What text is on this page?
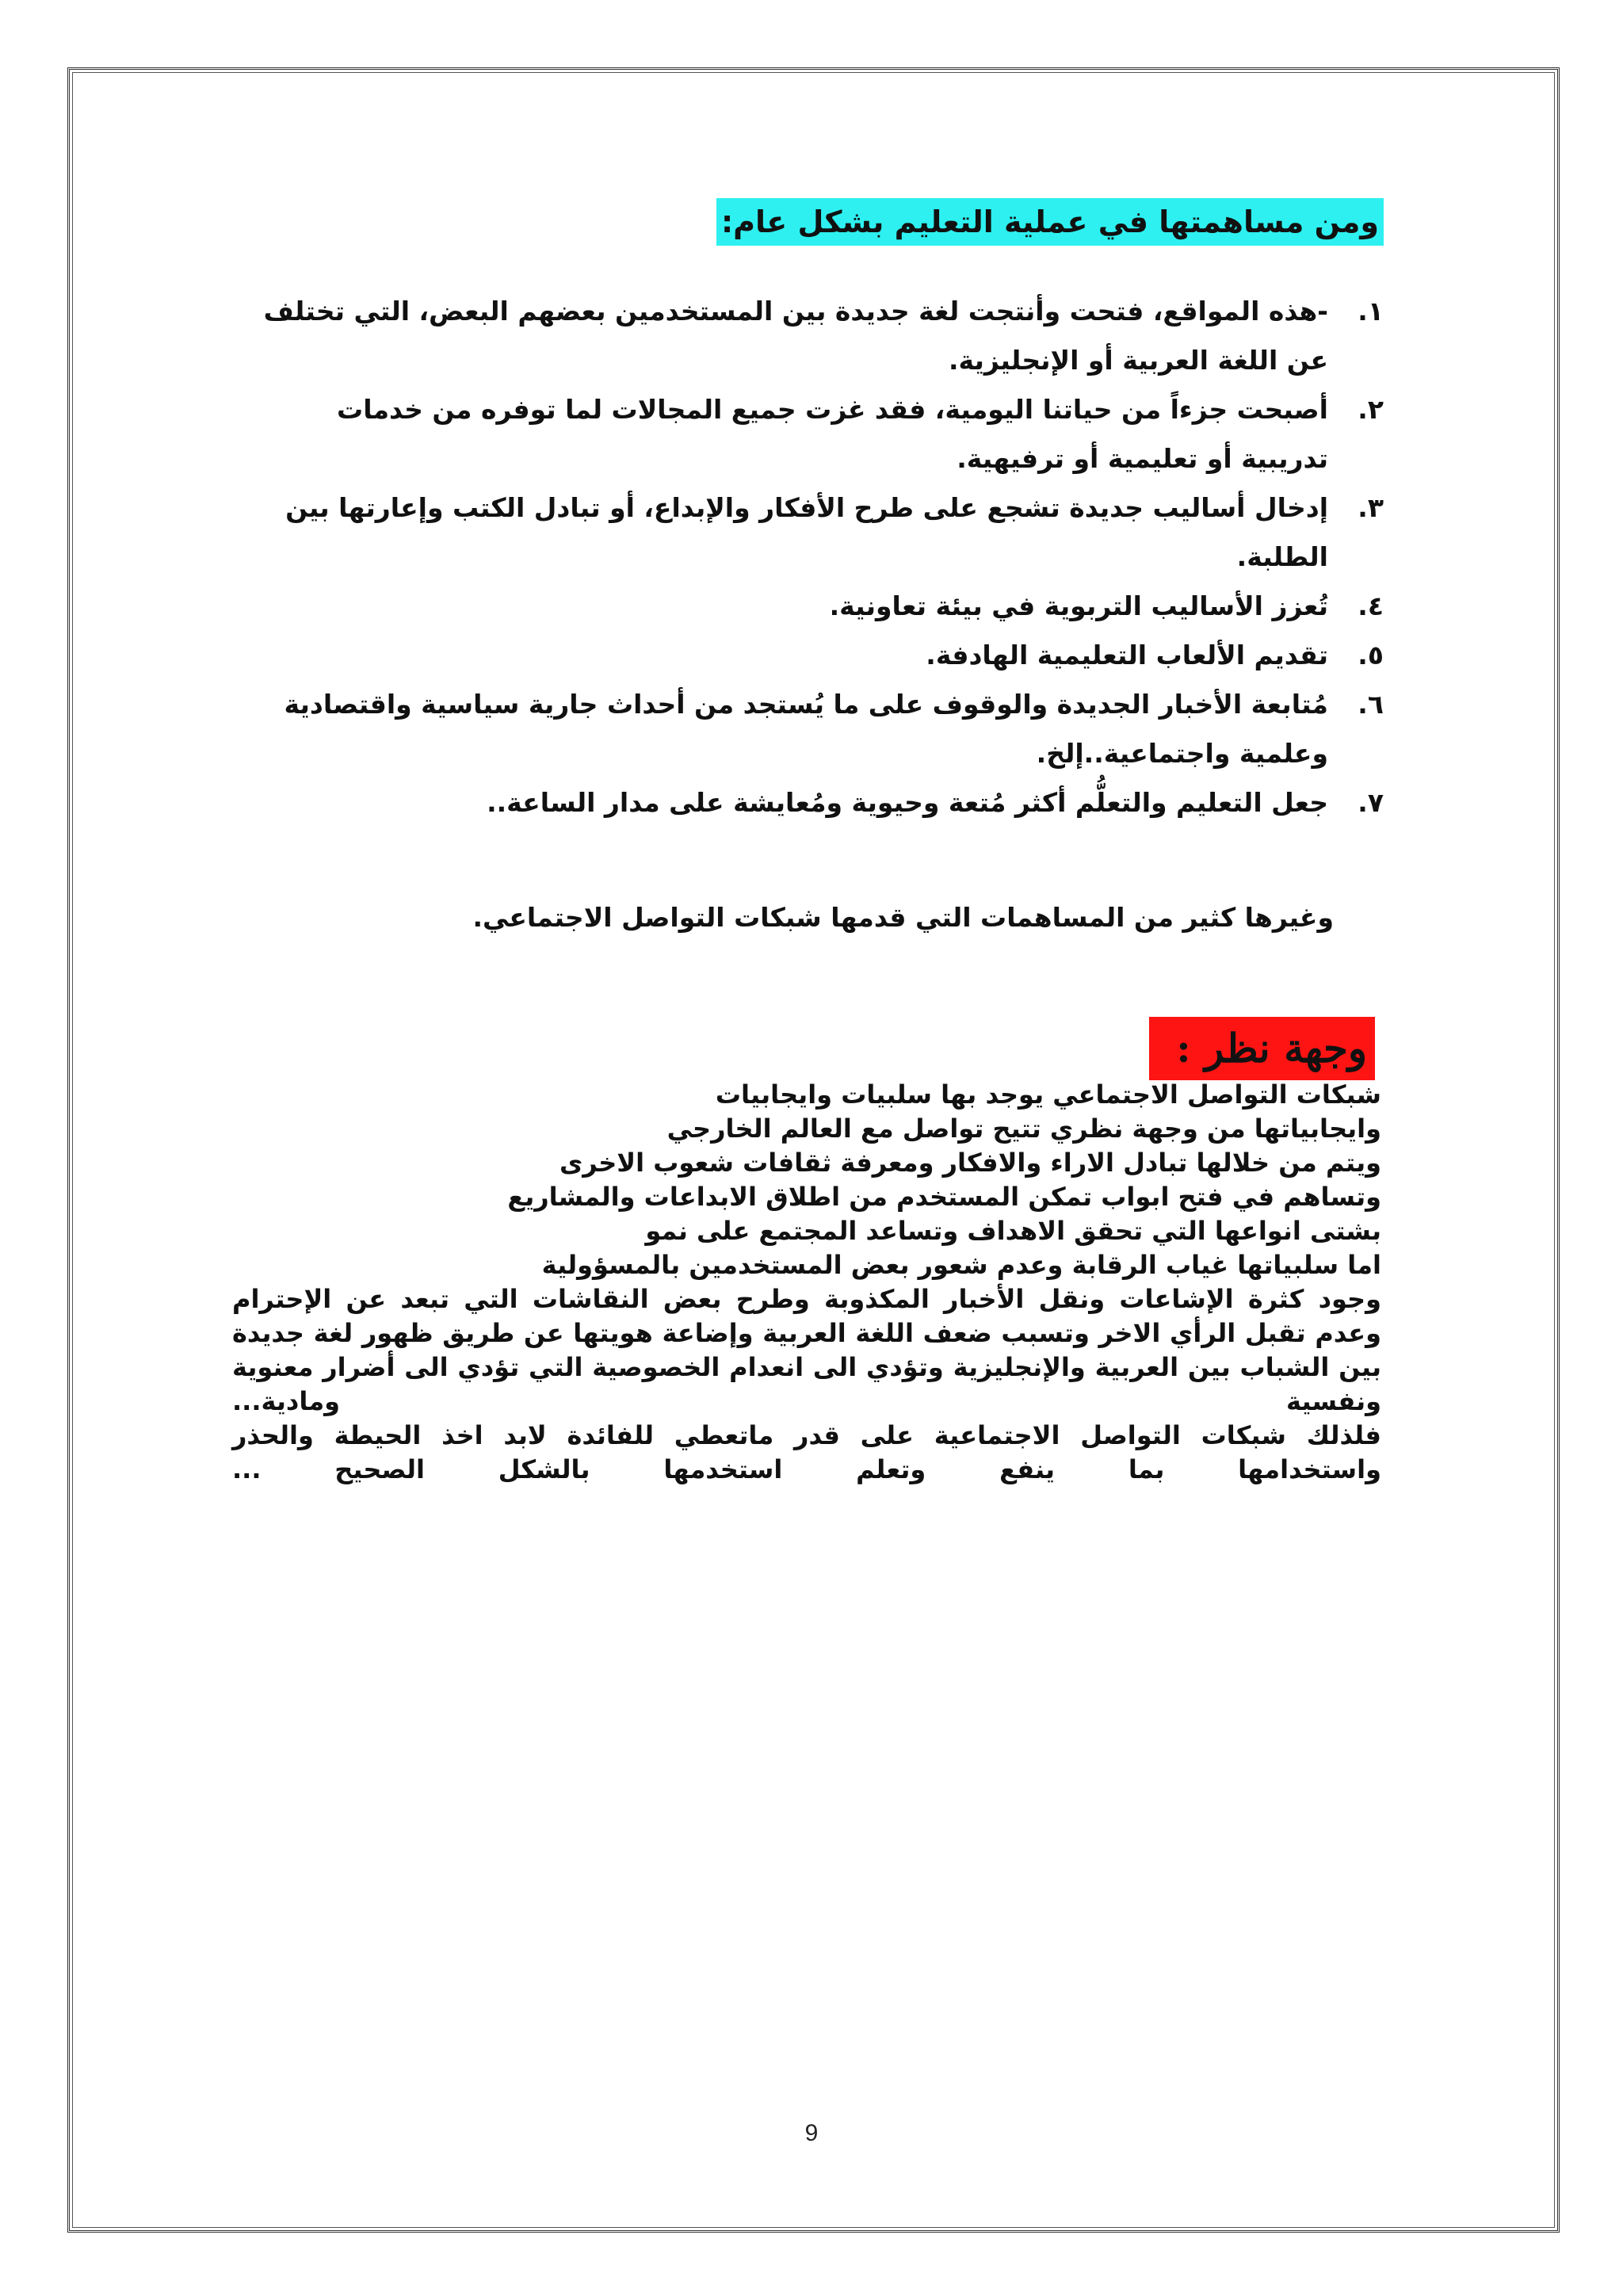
ومن مساهمتها في عملية التعليم بشكل عام:
١.
-هذه المواقع، فتحت وأنتجت لغة جديدة بين المستخدمين بعضهم البعض، التي تختلف عن اللغة العربية أو الإنجليزية.
٢.
أصبحت جزءاً من حياتنا اليومية، فقد غزت جميع المجالات لما توفره من خدمات تدريبية أو تعليمية أو ترفيهية.
٣.
إدخال أساليب جديدة تشجع على طرح الأفكار والإبداع، أو تبادل الكتب وإعارتها بين الطلبة.
٤.
تُعزز الأساليب التربوية في بيئة تعاونية.
٥.
تقديم الألعاب التعليمية الهادفة.
٦.
مُتابعة الأخبار الجديدة والوقوف على ما يُستجد من أحداث جارية سياسية واقتصادية وعلمية واجتماعية..إلخ.
٧.
جعل التعليم والتعلُّم أكثر مُتعة وحيوية ومُعايشة على مدار الساعة..
وغيرها كثير من المساهمات التي قدمها شبكات التواصل الاجتماعي.
وجهة نظر :
شبكات التواصل الاجتماعي يوجد بها سلبيات وايجابيات
وايجابياتها من وجهة نظري تتيح تواصل مع العالم الخارجي
ويتم من خلالها تبادل الاراء والافكار ومعرفة ثقافات شعوب الاخرى
وتساهم في فتح ابواب تمكن المستخدم من اطلاق الابداعات والمشاريع
بشتى انواعها التي تحقق الاهداف وتساعد المجتمع على نمو
اما سلبياتها غياب الرقابة وعدم شعور بعض المستخدمين بالمسؤولية
وجود كثرة الإشاعات ونقل الأخبار المكذوبة وطرح بعض النقاشات التي تبعد عن الإحترام وعدم تقبل الرأي الاخر وتسبب ضعف اللغة العربية وإضاعة هويتها عن طريق ظهور لغة جديدة بين الشباب بين العربية والإنجليزية وتؤدي الى انعدام الخصوصية التي تؤدي الى أضرار معنوية ونفسية ومادية...
فلذلك شبكات التواصل الاجتماعية على قدر ماتعطي للفائدة لابد اخذ الحيطة والحذر واستخدامها بما ينفع وتعلم استخدمها بالشكل الصحيح ...
9
